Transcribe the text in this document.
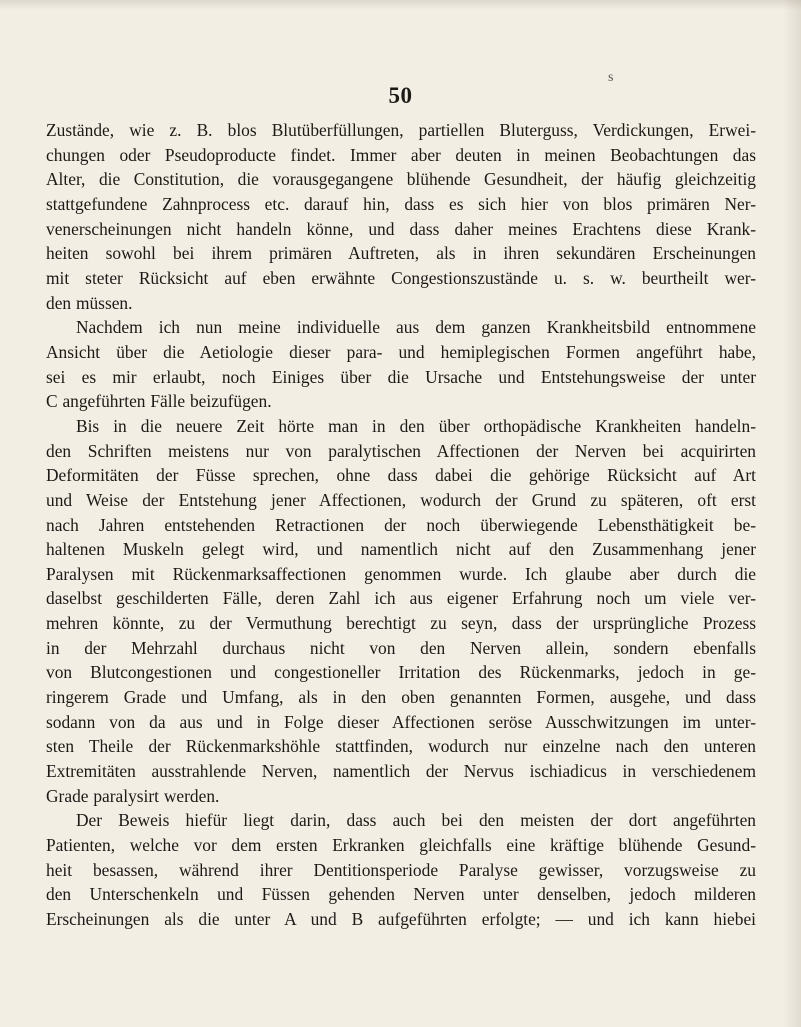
s
50

Zustände, wie z. B. blos Blutüberfüllungen, partiellen Bluterguss, Verdickungen, Erwei-
chungen oder Pseudoproducte findet. Immer aber deuten in meinen Beobachtungen das
Alter, die Constitution, die vorausgegangene blühende Gesundheit, der häufig gleichzeitig
stattgefundene Zahnprocess etc. darauf hin, dass es sich hier von blos primären Ner-
venerscheinungen nicht handeln könne, und dass daher meines Erachtens diese Krank-
heiten sowohl bei ihrem primären Auftreten, als in ihren sekundären Erscheinungen
mit steter Rücksicht auf eben erwähnte Congestionszustände u. s. w. beurtheilt wer-
den müssen.

Nachdem ich nun meine individuelle aus dem ganzen Krankheitsbild entnommene
Ansicht über die Aetiologie dieser para- und hemiplegischen Formen angeführt habe,
sei es mir erlaubt, noch Einiges über die Ursache und Entstehungsweise der unter
C angeführten Fälle beizufügen.

Bis in die neuere Zeit hörte man in den über orthopädische Krankheiten handeln-
den Schriften meistens nur von paralytischen Affectionen der Nerven bei acquirirten
Deformitäten der Füsse sprechen, ohne dass dabei die gehörige Rücksicht auf Art
und Weise der Entstehung jener Affectionen, wodurch der Grund zu späteren, oft erst
nach Jahren entstehenden Retractionen der noch überwiegende Lebensthätigkeit be-
haltenen Muskeln gelegt wird, und namentlich nicht auf den Zusammenhang jener
Paralysen mit Rückenmarksaffectionen genommen wurde. Ich glaube aber durch die
daselbst geschilderten Fälle, deren Zahl ich aus eigener Erfahrung noch um viele ver-
mehren könnte, zu der Vermuthung berechtigt zu seyn, dass der ursprüngliche Prozess
in der Mehrzahl durchaus nicht von den Nerven allein, sondern ebenfalls
von Blutcongestionen und congestioneller Irritation des Rückenmarks, jedoch in ge-
ringerem Grade und Umfang, als in den oben genannten Formen, ausgehe, und dass
sodann von da aus und in Folge dieser Affectionen seröse Ausschwitzungen im unter-
sten Theile der Rückenmarkshöhle stattfinden, wodurch nur einzelne nach den unteren
Extremitäten ausstrahlende Nerven, namentlich der Nervus ischiadicus in verschiedenem
Grade paralysirt werden.

Der Beweis hiefür liegt darin, dass auch bei den meisten der dort angeführten
Patienten, welche vor dem ersten Erkranken gleichfalls eine kräftige blühende Gesund-
heit besassen, während ihrer Dentitionsperiode Paralyse gewisser, vorzugsweise zu
den Unterschenkeln und Füssen gehenden Nerven unter denselben, jedoch milderen
Erscheinungen als die unter A und B aufgeführten erfolgte; — und ich kann hiebei
